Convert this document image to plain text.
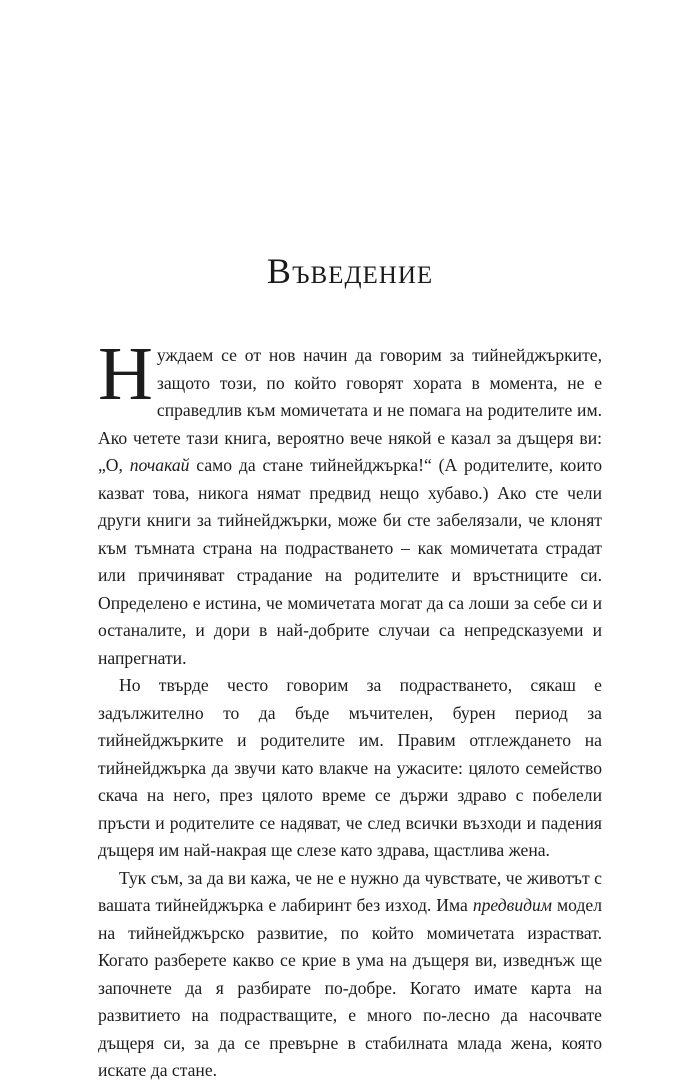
Въведение

Нуждаем се от нов начин да говорим за тийнейджърките, защото този, по който говорят хората в момента, не е справедлив към момичетата и не помага на родителите им. Ако четете тази книга, вероятно вече някой е казал за дъщеря ви: „О, почакай само да стане тийнейджърка!“ (А родителите, които казват това, никога нямат предвид нещо хубаво.) Ако сте чели други книги за тийнейджърки, може би сте забелязали, че клонят към тъмната страна на подрастването – как момичетата страдат или причиняват страдание на родителите и връстниците си. Определено е истина, че момичетата могат да са лоши за себе си и останалите, и дори в най-добрите случаи са непредсказуеми и напрегнати.

Но твърде често говорим за подрастването, сякаш е задължително то да бъде мъчителен, бурен период за тийнейджърките и родителите им. Правим отглеждането на тийнейджърка да звучи като влакче на ужасите: цялото семейство скача на него, през цялото време се държи здраво с побелели пръсти и родителите се надяват, че след всички възходи и падения дъщеря им най-накрая ще слезе като здрава, щастлива жена.

Тук съм, за да ви кажа, че не е нужно да чувствате, че животът с вашата тийнейджърка е лабиринт без изход. Има предвидим модел на тийнейджърско развитие, по който момичетата израстват. Когато разберете какво се крие в ума на дъщеря ви, изведнъж ще започнете да я разбирате по-добре. Когато имате карта на развитието на подрастващите, е много по-лесно да насочвате дъщеря си, за да се превърне в стабилната млада жена, която искате да стане.
